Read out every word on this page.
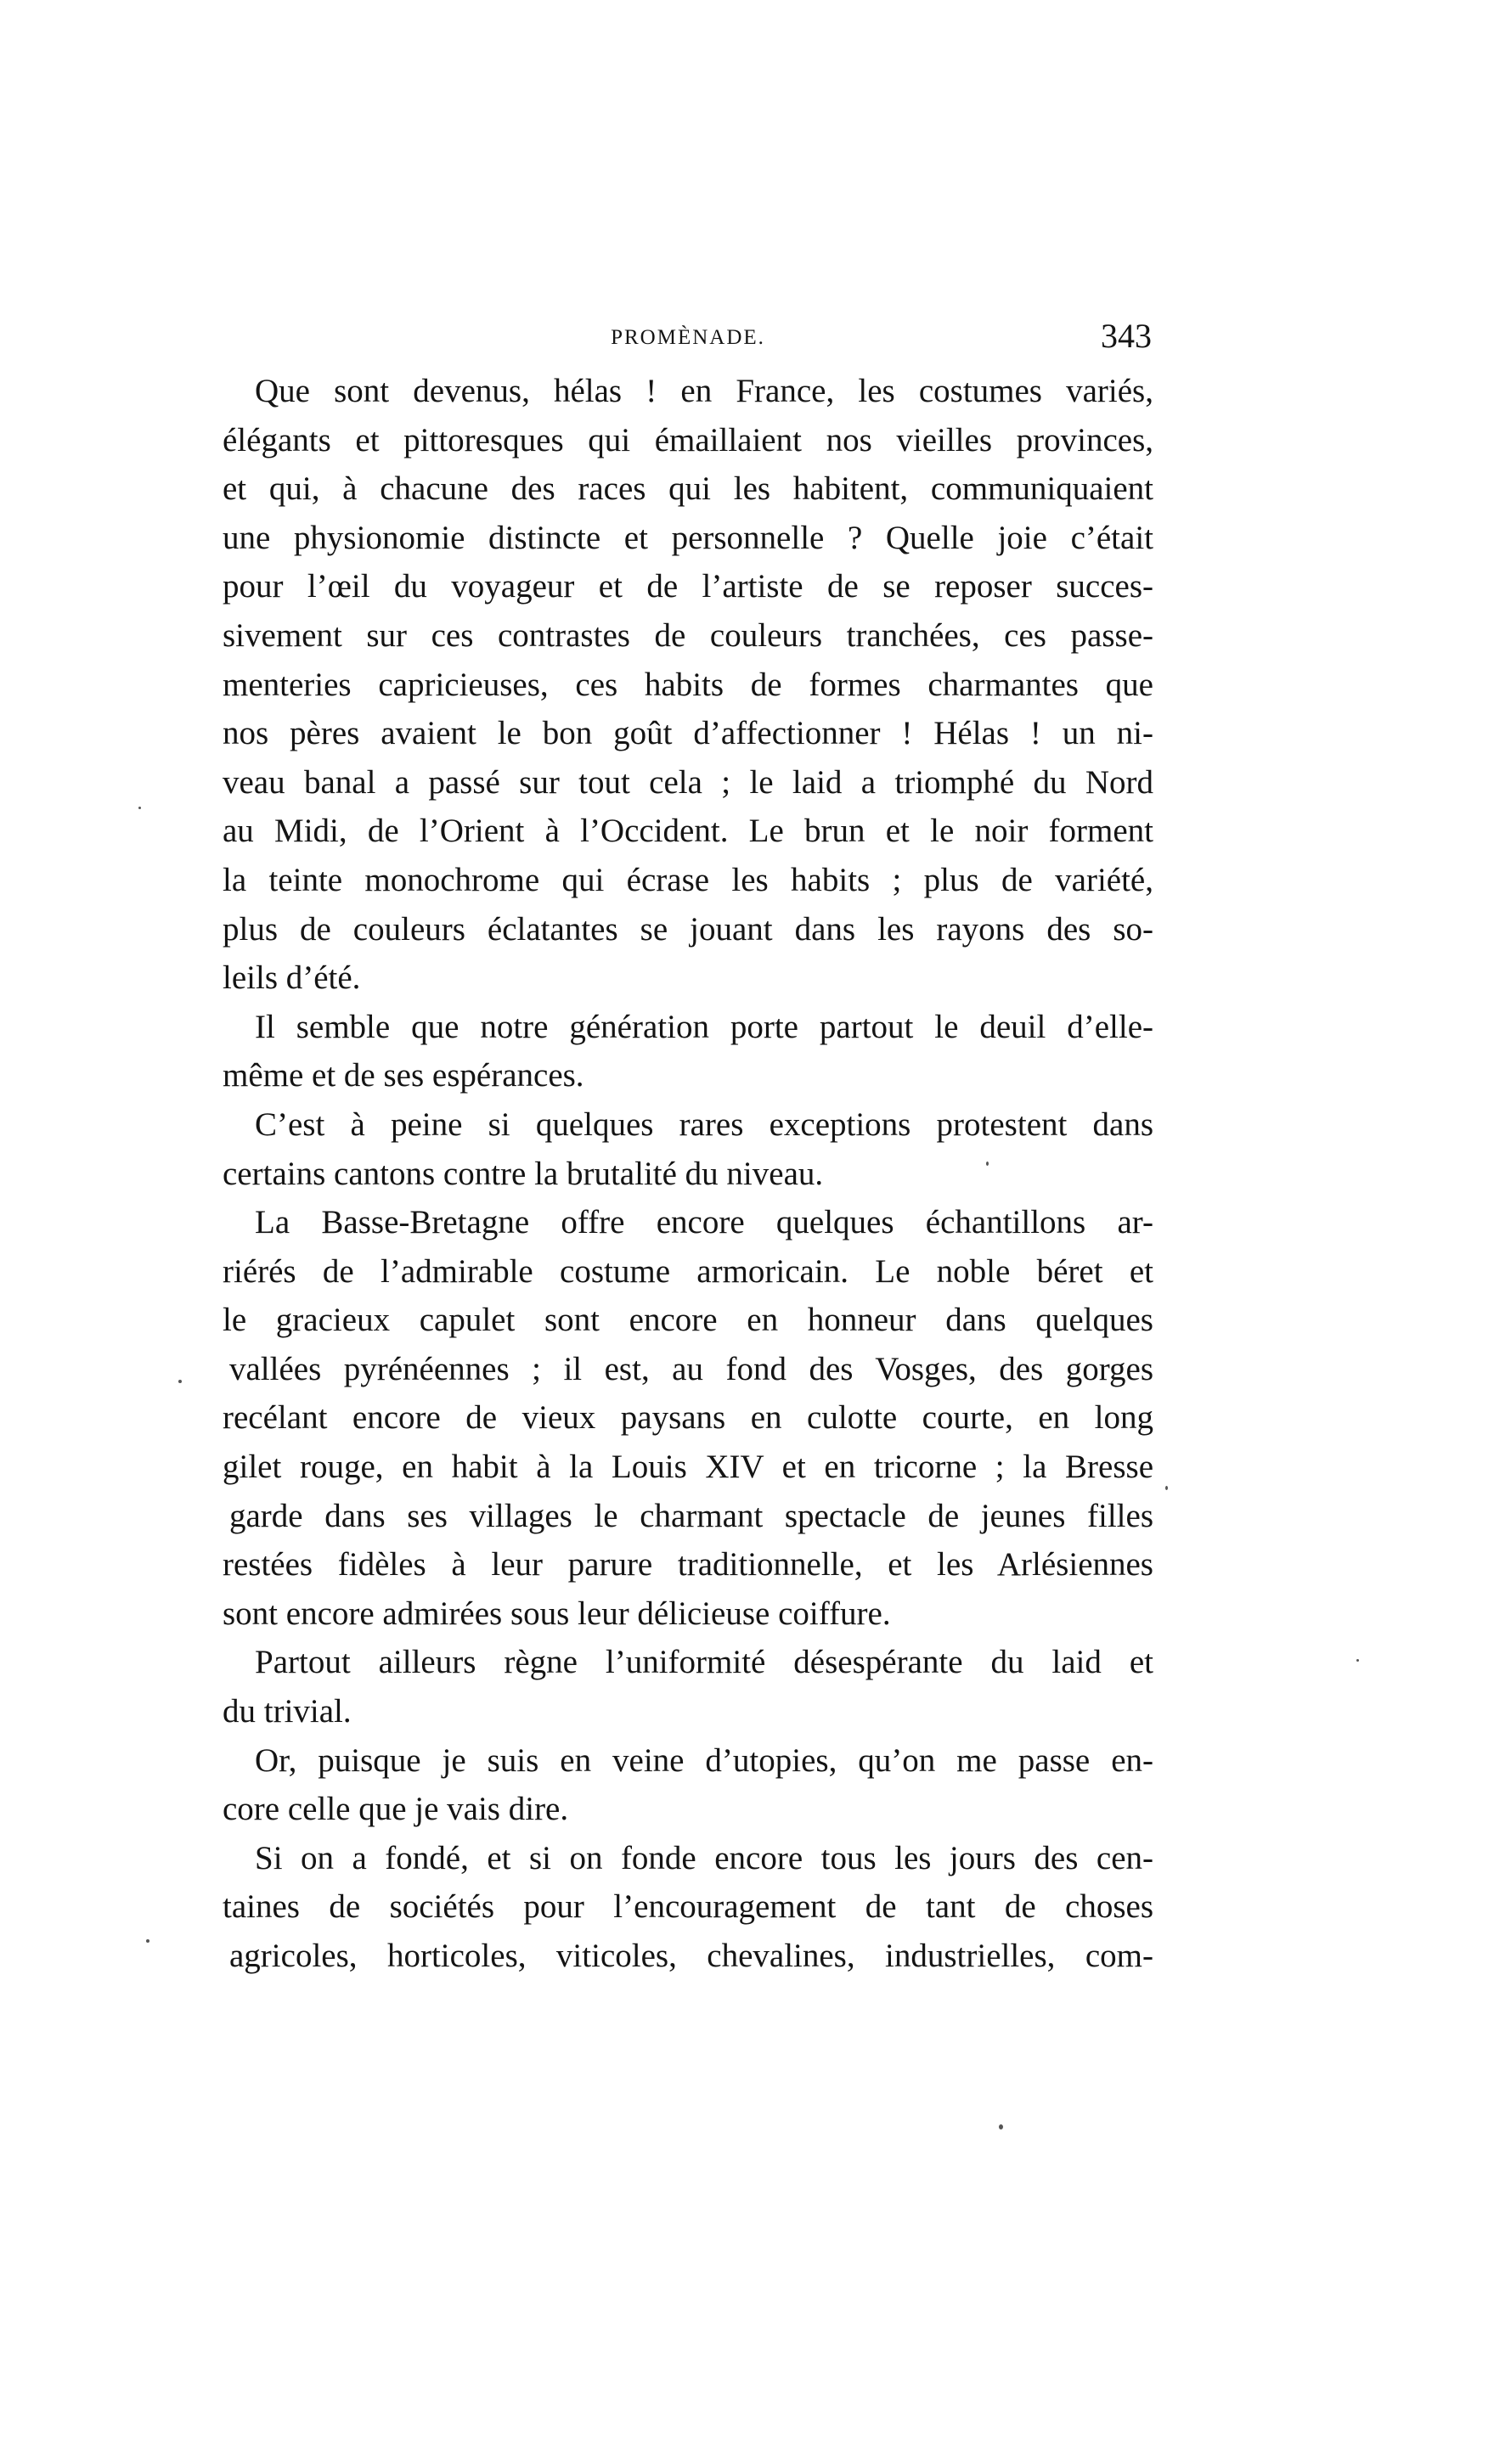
PROMÈNADE.	343
Que sont devenus, hélas ! en France, les costumes variés,
élégants et pittoresques qui émaillaient nos vieilles provinces,
et qui, à chacune des races qui les habitent, communiquaient
une physionomie distincte et personnelle ? Quelle joie c’était
pour l’œil du voyageur et de l’artiste de se reposer succes-
sivement sur ces contrastes de couleurs tranchées, ces passe-
menteries capricieuses, ces habits de formes charmantes que
nos pères avaient le bon goût d’affectionner ! Hélas ! un ni-
veau banal a passé sur tout cela ; le laid a triomphé du Nord
au Midi, de l’Orient à l’Occident. Le brun et le noir forment
la teinte monochrome qui écrase les habits ; plus de variété,
plus de couleurs éclatantes se jouant dans les rayons des so-
leils d’été.
Il semble que notre génération porte partout le deuil d’elle-
même et de ses espérances.
C’est à peine si quelques rares exceptions protestent dans
certains cantons contre la brutalité du niveau.
La Basse-Bretagne offre encore quelques échantillons ar-
riérés de l’admirable costume armoricain. Le noble béret et
le gracieux capulet sont encore en honneur dans quelques
vallées pyrénéennes ; il est, au fond des Vosges, des gorges
recélant encore de vieux paysans en culotte courte, en long
gilet rouge, en habit à la Louis XIV et en tricorne ; la Bresse
garde dans ses villages le charmant spectacle de jeunes filles
restées fidèles à leur parure traditionnelle, et les Arlésiennes
sont encore admirées sous leur délicieuse coiffure.
Partout ailleurs règne l’uniformité désespérante du laid et
du trivial.
Or, puisque je suis en veine d’utopies, qu’on me passe en-
core celle que je vais dire.
Si on a fondé, et si on fonde encore tous les jours des cen-
taines de sociétés pour l’encouragement de tant de choses
agricoles, horticoles, viticoles, chevalines, industrielles, com-
